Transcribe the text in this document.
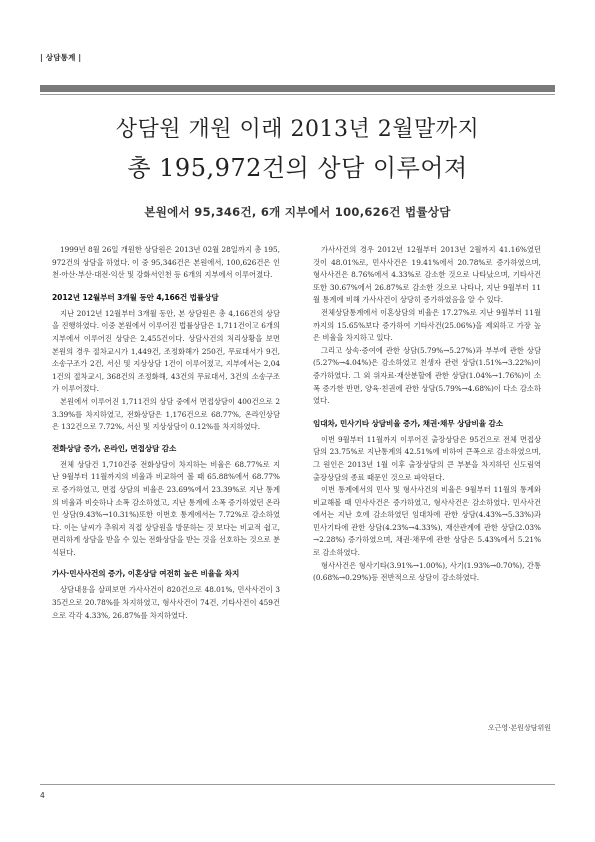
| 상담통계 |
상담원 개원 이래 2013년 2월말까지
총 195,972건의 상담 이루어져
본원에서 95,346건, 6개 지부에서 100,626건 법률상담

1999년 8월 26일 개원한 상담원은 2013년 02월 28일까지 총 195,972건의 상담을 하였다. 이 중 95,346건은 본원에서, 100,626건은 인천·아산·부산·대전·익산 및 강화서인천 등 6개의 지부에서 이루어졌다.

2012년 12월부터 3개월 동안 4,166건 법률상담

지난 2012년 12월부터 3개월 동안, 본 상담원은 총 4,166건의 상담을 진행하였다. 이중 본원에서 이루어진 법률상담은 1,711건이고 6개의 지부에서 이루어진 상담은 2,455건이다. 상담사건의 처리상황을 보면 본원의 경우 절차교시가 1,449건, 조정화해가 250건, 무료대서가 9건, 소송구조가 2건, 서신 및 지상상담 1건이 이루어졌고, 지부에서는 2,041건의 절차교시, 368건의 조정화해, 43건의 무료대서, 3건의 소송구조가 이루어졌다.

본원에서 이루어진 1,711건의 상담 중에서 면접상담이 400건으로 23.39%를 차지하였고, 전화상담은 1,176건으로 68.77%, 온라인상담은 132건으로 7.72%, 서신 및 지상상담이 0.12%를 차지하였다.

전화상담 증가, 온라인, 면접상담 감소

전체 상담건 1,710건중 전화상담이 차지하는 비율은 68.77%로 지난 9월부터 11월까지의 비율과 비교하여 볼 때 65.88%에서 68.77%로 증가하였고, 면접 상담의 비율은 23.69%에서 23.39%로 지난 통계의 비율과 비슷하나 소폭 감소하였고, 지난 통계에 소폭 증가하였던 온라인 상담(9.43%→10.31%)또한 이번호 통계에서는 7.72%로 감소하였다. 이는 날씨가 추워져 직접 상담원을 방문하는 것 보다는 비교적 쉽고, 편리하게 상담을 받을 수 있는 전화상담을 받는 것을 선호하는 것으로 분석된다.

가사·민사사건의 증가, 이혼상담 여전히 높은 비율을 차지

상담내용을 살펴보면 가사사건이 820건으로 48.01%, 민사사건이 335건으로 20.78%를 차지하였고, 형사사건이 74건, 기타사건이 459건으로 각각 4.33%, 26.87%를 차지하였다.

가사사건의 경우 2012년 12월부터 2013년 2월까지 41.16%였던 것이 48.01%로, 민사사건은 19.41%에서 20.78%로 증가하였으며, 형사사건은 8.76%에서 4.33%로 감소한 것으로 나타났으며, 기타사건 또한 30.67%에서 26.87%로 감소한 것으로 나타나, 지난 9월부터 11월 통계에 비해 가사사건이 상당히 증가하였음을 알 수 있다.

전체상담통계에서 이혼상담의 비율은 17.27%로 지난 9월부터 11월까지의 15.65%보다 증가하여 기타사건(25.06%)을 제외하고 가장 높은 비율을 차지하고 있다.

그리고 상속·증여에 관한 상담(5.79%→5.27%)과 부부에 관한 상담(5.27%→4.04%)은 감소하였고 친생자 관련 상담(1.51%→3.22%)이 증가하였다. 그 외 위자료·재산분할에 관한 상담(1.04%→1.76%)이 소폭 증가한 반면, 양육·친권에 관한 상담(5.79%→4.68%)이 다소 감소하였다.

임대차, 민사기타 상담비율 증가, 채권·채무 상담비율 감소

이번 9월부터 11월까지 이루어진 출장상담은 95건으로 전체 면접상담의 23.75%로 지난통계의 42.51%에 비하여 큰폭으로 감소하였으며, 그 원인은 2013년 1월 이후 출장상담의 큰 부분을 차지하던 신도림역 출장상담의 종료 때문인 것으로 파악된다.

이번 통계에서의 민사 및 형사사건의 비율은 9월부터 11월의 통계와 비교해볼 때 민사사건은 증가하였고, 형사사건은 감소하였다. 민사사건에서는 지난 호에 감소하였던 임대차에 관한 상담(4.43%→5.33%)과 민사기타에 관한 상담(4.23%→4.33%), 재산관계에 관한 상담(2.03%→2.28%) 증가하였으며, 채권·채무에 관한 상담은 5.43%에서 5.21%로 감소하였다.

형사사건은 형사기타(3.91%→1.00%), 사기(1.93%→0.70%), 간통(0.68%→0.29%)등 전반적으로 상담이 감소하였다.

오근영·본원상담위원
4
